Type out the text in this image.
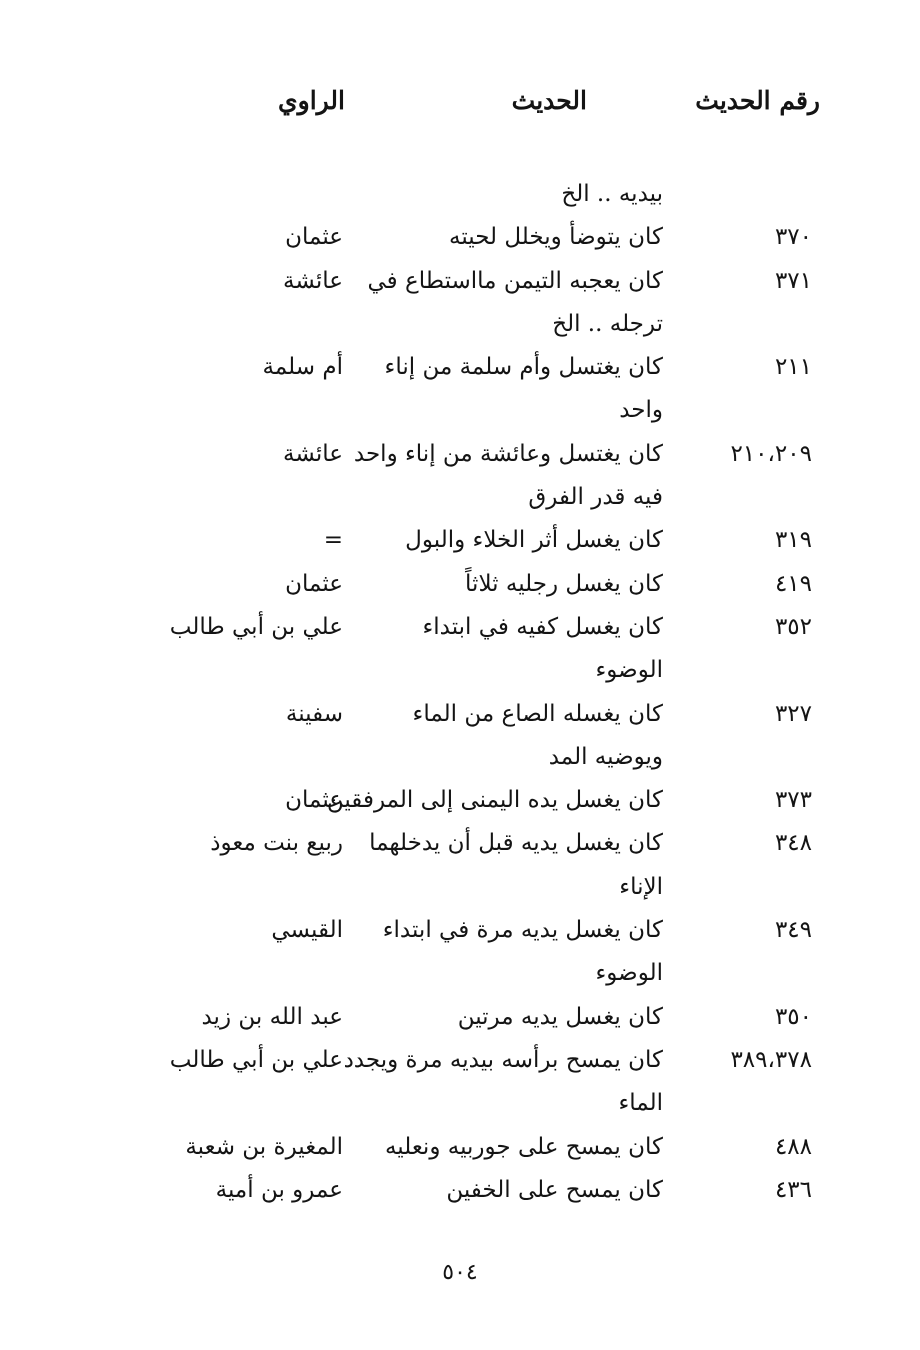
رقم الحديث
الحديث
الراوي
بيديه .. الخ
٣٧٠
كان يتوضأ ويخلل لحيته
عثمان
٣٧١
كان يعجبه التيمن مااستطاع في
عائشة
ترجله .. الخ
٢١١
كان يغتسل وأم سلمة من إناء
أم سلمة
واحد
٢١٠،٢٠٩
كان يغتسل وعائشة من إناء واحد
عائشة
فيه قدر الفرق
٣١٩
كان يغسل أثر الخلاء والبول
=
٤١٩
كان يغسل رجليه ثلاثاً
عثمان
٣٥٢
كان يغسل كفيه في ابتداء
علي بن أبي طالب
الوضوء
٣٢٧
كان يغسله الصاع من الماء
سفينة
ويوضيه المد
٣٧٣
كان يغسل يده اليمنى إلى المرفقين
عثمان
٣٤٨
كان يغسل يديه قبل أن يدخلهما
ربيع بنت معوذ
الإناء
٣٤٩
كان يغسل يديه مرة في ابتداء
القيسي
الوضوء
٣٥٠
كان يغسل يديه مرتين
عبد الله بن زيد
٣٨٩،٣٧٨
كان يمسح برأسه بيديه مرة ويجدد
علي بن أبي طالب
الماء
٤٨٨
كان يمسح على جوربيه ونعليه
المغيرة بن شعبة
٤٣٦
كان يمسح على الخفين
عمرو بن أمية
٥٠٤
